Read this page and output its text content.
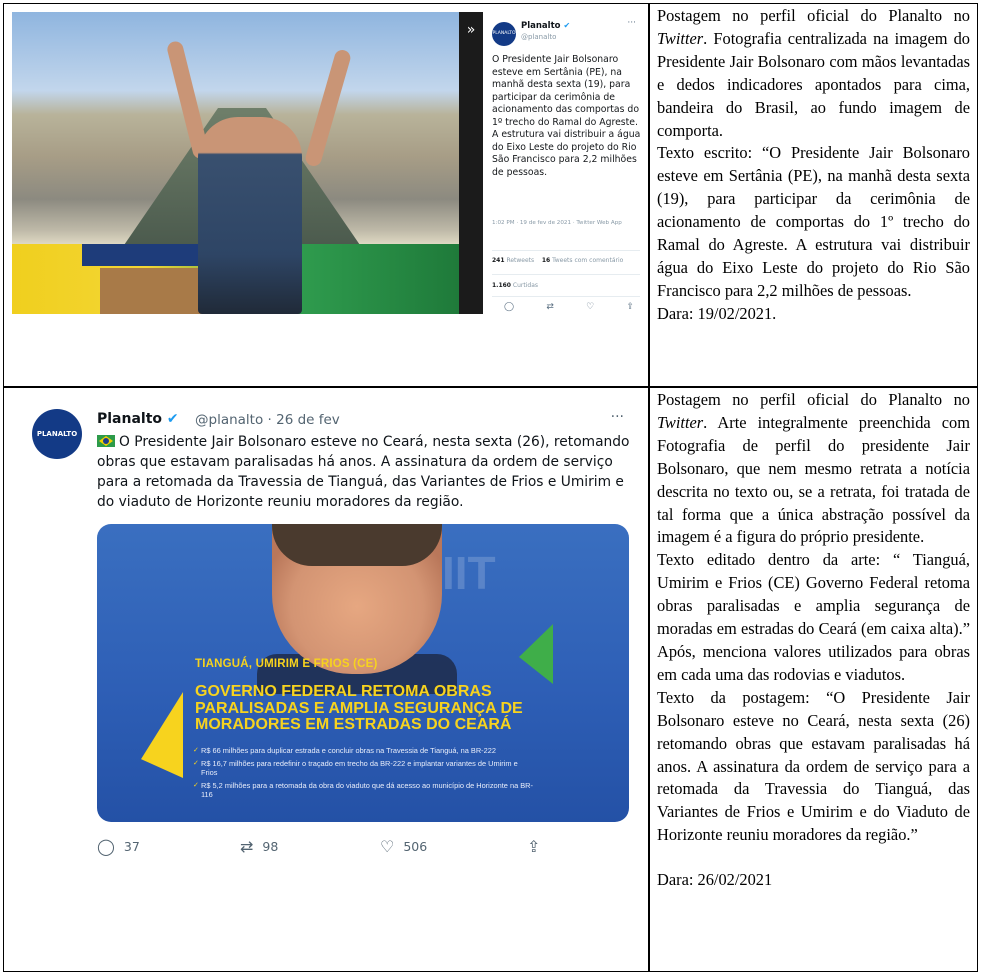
»	PLANALTO
Planalto ✔
@planalto
···
O Presidente Jair Bolsonaro esteve em Sertânia (PE), na manhã desta sexta (19), para participar da cerimônia de acionamento das comportas do 1º trecho do Ramal do Agreste. A estrutura vai distribuir a água do Eixo Leste do projeto do Rio São Francisco para 2,2 milhões de pessoas.
1:02 PM · 19 de fev de 2021 · Twitter Web App
241 Retweets 16 Tweets com comentário
1.160 Curtidas
◯	⇄	♡	⇪

Postagem no perfil oficial do Planalto no Twitter. Fotografia centralizada na imagem do Presidente Jair Bolsonaro com mãos levantadas e dedos indicadores apontados para cima, bandeira do Brasil, ao fundo imagem de comporta.

Texto escrito: “O Presidente Jair Bolsonaro esteve em Sertânia (PE), na manhã desta sexta (19), para participar da cerimônia de acionamento de comportas do 1º trecho do Ramal do Agreste. A estrutura vai distribuir água do Eixo Leste do projeto do Rio São Francisco para 2,2 milhões de pessoas.

Dara: 19/02/2021.

PLANALTO
Planalto ✔ @planalto · 26 de fev	···
O Presidente Jair Bolsonaro esteve no Ceará, nesta sexta (26), retomando obras que estavam paralisadas há anos. A assinatura da ordem de serviço para a retomada da Travessia de Tianguá, das Variantes de Frios e Umirim e do viaduto de Horizonte reuniu moradores da região.
IIT
TIANGUÁ, UMIRIM E FRIOS (CE)
GOVERNO FEDERAL RETOMA OBRAS PARALISADAS E AMPLIA SEGURANÇA DE MORADORES EM ESTRADAS DO CEARÁ
✓ R$ 66 milhões para duplicar estrada e concluir obras na Travessia de Tianguá, na BR-222
✓ R$ 16,7 milhões para redefinir o traçado em trecho da BR-222 e implantar variantes de Umirim e Frios
✓ R$ 5,2 milhões para a retomada da obra do viaduto que dá acesso ao município de Horizonte na BR-116
◯ 37	⇄ 98	♡ 506	⇪

Postagem no perfil oficial do Planalto no Twitter. Arte integralmente preenchida com Fotografia de perfil do presidente Jair Bolsonaro, que nem mesmo retrata a notícia descrita no texto ou, se a retrata, foi tratada de tal forma que a única abstração possível da imagem é a figura do próprio presidente.

Texto editado dentro da arte: “ Tianguá, Umirim e Frios (CE) Governo Federal retoma obras paralisadas e amplia segurança de moradas em estradas do Ceará (em caixa alta).” Após, menciona valores utilizados para obras em cada uma das rodovias e viadutos.

Texto da postagem: “O Presidente Jair Bolsonaro esteve no Ceará, nesta sexta (26) retomando obras que estavam paralisadas há anos. A assinatura da ordem de serviço para a retomada da Travessia do Tianguá, das Variantes de Frios e Umirim e do Viaduto de Horizonte reuniu moradores da região.”

Dara: 26/02/2021
